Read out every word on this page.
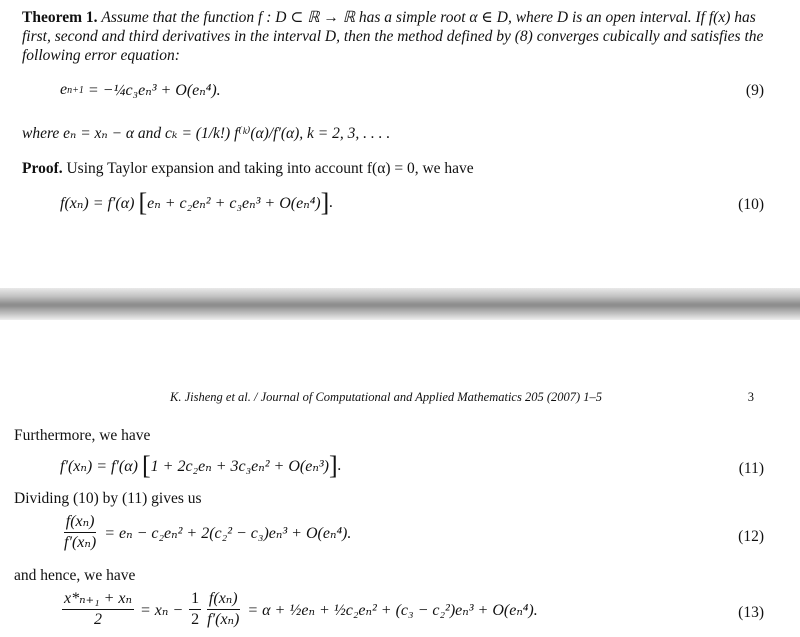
Theorem 1. Assume that the function f : D ⊂ ℝ → ℝ has a simple root α ∈ D, where D is an open interval. If f(x) has first, second and third derivatives in the interval D, then the method defined by (8) converges cubically and satisfies the following error equation:
e n+1 = −¼c₃eₙ³ + O(eₙ⁴).	(9)
where eₙ = xₙ − α and cₖ = (1/k!) f⁽ᵏ⁾(α)/f′(α), k = 2, 3, . . . .
Proof. Using Taylor expansion and taking into account f(α) = 0, we have
f(xₙ) = f′(α) [ eₙ + c₂eₙ² + c₃eₙ³ + O(eₙ⁴) ] .	(10)
K. Jisheng et al. / Journal of Computational and Applied Mathematics 205 (2007) 1–5	3
Furthermore, we have
f′(xₙ) = f′(α) [ 1 + 2c₂eₙ + 3c₃eₙ² + O(eₙ³) ] .	(11)
Dividing (10) by (11) gives us
$\frac{\text{f(xₙ)}}{\text{f′(xₙ)}} = e_n - c_2e_n^2 + 2(c_2^2 - c_3)e_n^3 + O(e_n^4)$.	(12)
and hence, we have
$\frac{\text{x*ₙ₊₁ + xₙ}}{2} = x_n - \frac{1}{2} \frac{\text{f(xₙ)}}{\text{f′(xₙ)}} = \alpha$ + ½eₙ + ½c₂eₙ² + (c₃ − c₂²)eₙ³ + O(eₙ⁴).	(13)
